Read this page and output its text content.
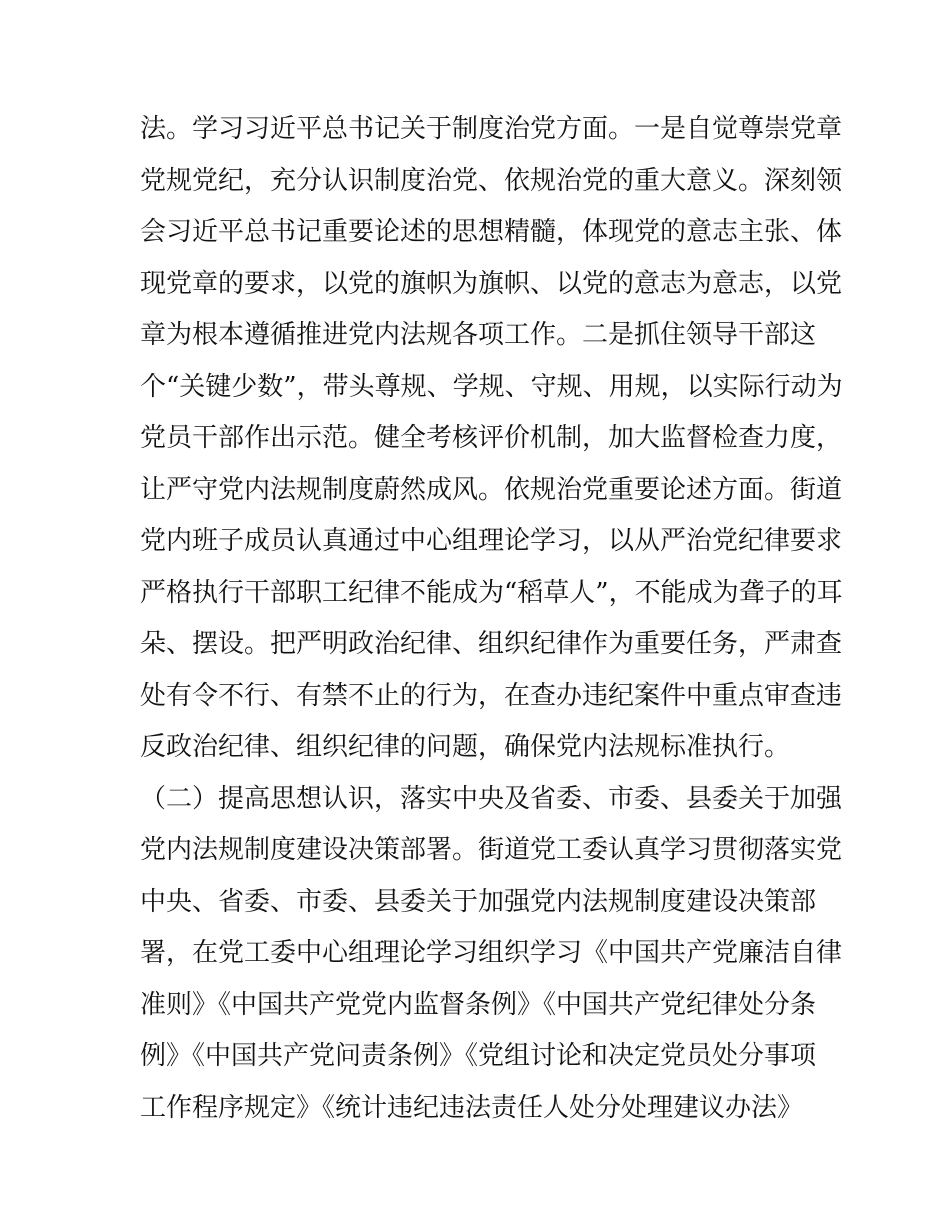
法。学习习近平总书记关于制度治党方面。一是自觉尊崇党章
党规党纪，充分认识制度治党、依规治党的重大意义。深刻领
会习近平总书记重要论述的思想精髓，体现党的意志主张、体
现党章的要求，以党的旗帜为旗帜、以党的意志为意志，以党
章为根本遵循推进党内法规各项工作。二是抓住领导干部这
个“关键少数”，带头尊规、学规、守规、用规，以实际行动为
党员干部作出示范。健全考核评价机制，加大监督检查力度，
让严守党内法规制度蔚然成风。依规治党重要论述方面。街道
党内班子成员认真通过中心组理论学习，以从严治党纪律要求
严格执行干部职工纪律不能成为“稻草人”，不能成为聋子的耳
朵、摆设。把严明政治纪律、组织纪律作为重要任务，严肃查
处有令不行、有禁不止的行为，在查办违纪案件中重点审查违
反政治纪律、组织纪律的问题，确保党内法规标准执行。
（二）提高思想认识，落实中央及省委、市委、县委关于加强
党内法规制度建设决策部署。街道党工委认真学习贯彻落实党
中央、省委、市委、县委关于加强党内法规制度建设决策部
署，在党工委中心组理论学习组织学习《中国共产党廉洁自律
准则》《中国共产党党内监督条例》《中国共产党纪律处分条
例》《中国共产党问责条例》《党组讨论和决定党员处分事项
工作程序规定》《统计违纪违法责任人处分处理建议办法》
